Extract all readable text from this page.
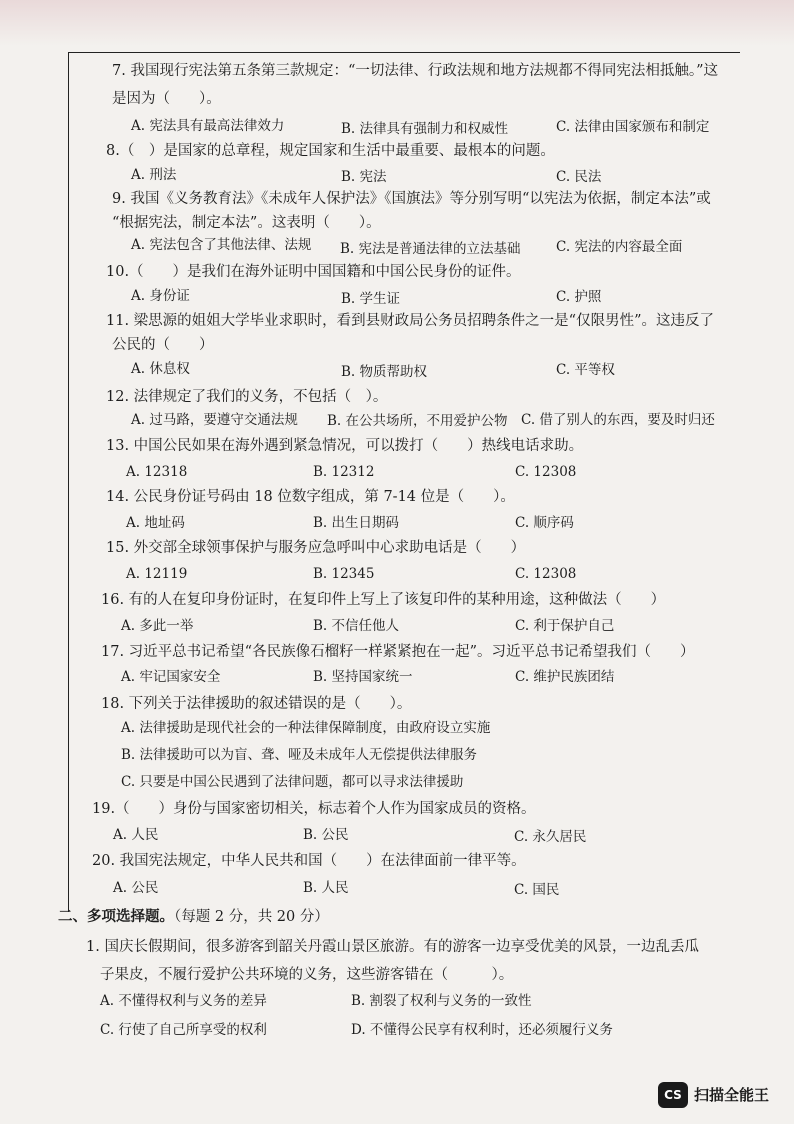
7. 我国现行宪法第五条第三款规定：“一切法律、行政法规和地方法规都不得同宪法相抵触。”这
是因为（　　）。
A. 宪法具有最高法律效力	B. 法律具有强制力和权威性	C. 法律由国家颁布和制定
8.（　）是国家的总章程，规定国家和生活中最重要、最根本的问题。
A. 刑法	B. 宪法	C. 民法
9. 我国《义务教育法》《未成年人保护法》《国旗法》等分别写明“以宪法为依据，制定本法”或
“根据宪法，制定本法”。这表明（　　）。
A. 宪法包含了其他法律、法规 B. 宪法是普通法律的立法基础	C. 宪法的内容最全面
10.（　　）是我们在海外证明中国国籍和中国公民身份的证件。
A. 身份证	B. 学生证	C. 护照
11. 梁思源的姐姐大学毕业求职时，看到县财政局公务员招聘条件之一是“仅限男性”。这违反了
公民的（　　）
A. 休息权	B. 物质帮助权	C. 平等权
12. 法律规定了我们的义务，不包括（　）。
A. 过马路，要遵守交通法规 B. 在公共场所，不用爱护公物 C. 借了别人的东西，要及时归还
13. 中国公民如果在海外遇到紧急情况，可以拨打（　　）热线电话求助。
A. 12318	B. 12312	C. 12308
14. 公民身份证号码由 18 位数字组成，第 7-14 位是（　　）。
A. 地址码	B. 出生日期码	C. 顺序码
15. 外交部全球领事保护与服务应急呼叫中心求助电话是（　　）
A. 12119	B. 12345	C. 12308
16. 有的人在复印身份证时，在复印件上写上了该复印件的某种用途，这种做法（　　）
A. 多此一举	B. 不信任他人	C. 利于保护自己
17. 习近平总书记希望“各民族像石榴籽一样紧紧抱在一起”。习近平总书记希望我们（　　）
A. 牢记国家安全	B. 坚持国家统一	C. 维护民族团结
18. 下列关于法律援助的叙述错误的是（　　）。
A. 法律援助是现代社会的一种法律保障制度，由政府设立实施
B. 法律援助可以为盲、聋、哑及未成年人无偿提供法律服务
C. 只要是中国公民遇到了法律问题，都可以寻求法律援助
19.（　　）身份与国家密切相关，标志着个人作为国家成员的资格。
A. 人民	B. 公民	C. 永久居民
20. 我国宪法规定，中华人民共和国（　　）在法律面前一律平等。
A. 公民	B. 人民	C. 国民
二、多项选择题。（每题 2 分，共 20 分）
1. 国庆长假期间，很多游客到韶关丹霞山景区旅游。有的游客一边享受优美的风景，一边乱丢瓜
子果皮，不履行爱护公共环境的义务，这些游客错在（　　　）。
A. 不懂得权利与义务的差异	B. 割裂了权利与义务的一致性
C. 行使了自己所享受的权利	D. 不懂得公民享有权利时，还必须履行义务
CS 扫描全能王
